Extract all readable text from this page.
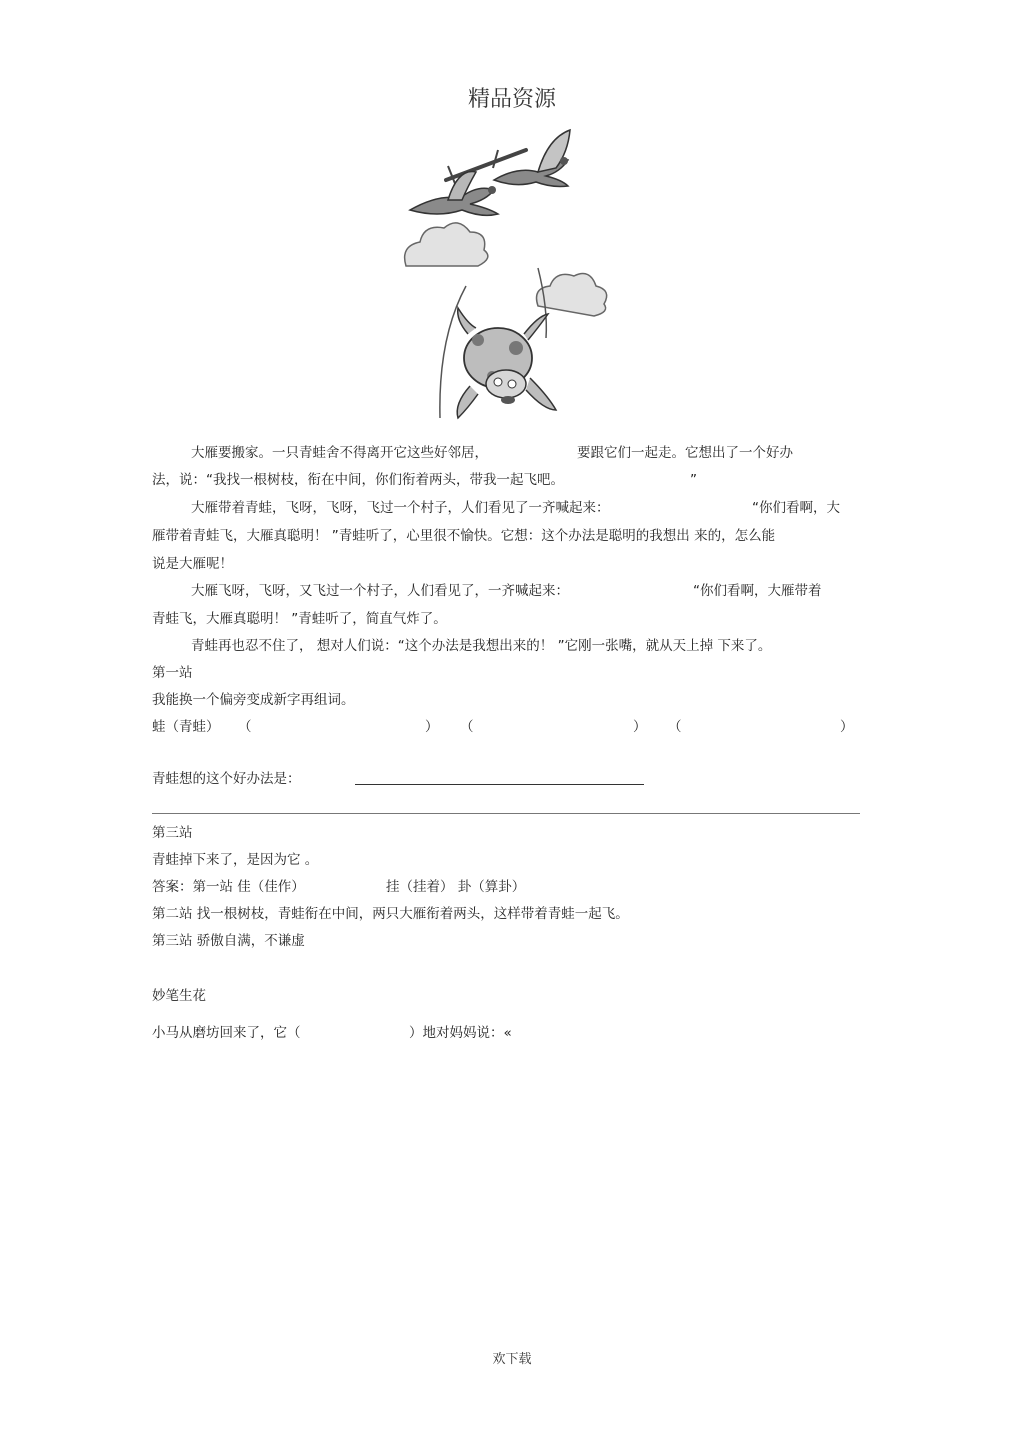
精品资源
大雁要搬家。一只青蛙舍不得离开它这些好邻居，	要跟它们一起走。它想出了一个好办
法，说：“我找一根树枝，衔在中间，你们衔着两头，带我一起飞吧。	”
大雁带着青蛙，飞呀，飞呀，飞过一个村子，人们看见了一齐喊起来：	“你们看啊，大
雁带着青蛙飞，大雁真聪明！ ”青蛙听了，心里很不愉快。它想：这个办法是聪明的我想出 来的，怎么能
说是大雁呢！
大雁飞呀，飞呀，又飞过一个村子，人们看见了，一齐喊起来：	“你们看啊，大雁带着
青蛙飞，大雁真聪明！ ”青蛙听了，简直气炸了。
青蛙再也忍不住了， 想对人们说：“这个办法是我想出来的！ ”它刚一张嘴，就从天上掉 下来了。
第一站
我能换一个偏旁变成新字再组词。
蛙（青蛙） （	） （	） （	）
青蛙想的这个好办法是：
第三站
青蛙掉下来了，是因为它 。
答案：第一站 佳（佳作）	挂（挂着） 卦（算卦）
第二站 找一根树枝，青蛙衔在中间，两只大雁衔着两头，这样带着青蛙一起飞。
第三站 骄傲自满，不谦虚
妙笔生花
小马从磨坊回来了，它（	）地对妈妈说：«
欢下载
